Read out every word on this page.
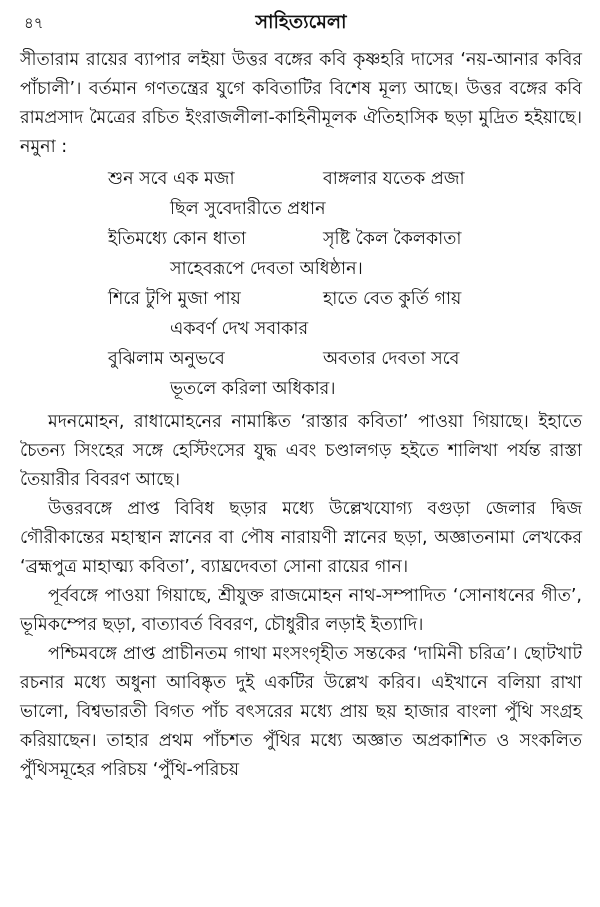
৪৭	সাহিত্যমেলা

সীতারাম রায়ের ব্যাপার লইয়া উত্তর বঙ্গের কবি কৃষ্ণহরি দাসের ‘নয়-আনার কবির পাঁচালী’। বর্তমান গণতন্ত্রের যুগে কবিতাটির বিশেষ মূল্য আছে। উত্তর বঙ্গের কবি রামপ্রসাদ মৈত্রের রচিত ইংরাজলীলা-কাহিনীমূলক ঐতিহাসিক ছড়া মুদ্রিত হইয়াছে। নমুনা :

শুন সবে এক মজা	বাঙ্গলার যতেক প্রজা
ছিল সুবেদারীতে প্রধান
ইতিমধ্যে কোন ধাতা	সৃষ্টি কৈল কৈলকাতা
সাহেবরূপে দেবতা অধিষ্ঠান।
শিরে টুপি মুজা পায়	হাতে বেত কুর্তি গায়
একবর্ণ দেখ সবাকার
বুঝিলাম অনুভবে	অবতার দেবতা সবে
ভূতলে করিলা অধিকার।

মদনমোহন, রাধামোহনের নামাঙ্কিত ‘রাস্তার কবিতা’ পাওয়া গিয়াছে। ইহাতে চৈতন্য সিংহের সঙ্গে হেস্টিংসের যুদ্ধ এবং চণ্ডালগড় হইতে শালিখা পর্যন্ত রাস্তা তৈয়ারীর বিবরণ আছে।

উত্তরবঙ্গে প্রাপ্ত বিবিধ ছড়ার মধ্যে উল্লেখযোগ্য বগুড়া জেলার দ্বিজ গৌরীকান্তের মহাস্থান স্নানের বা পৌষ নারায়ণী স্নানের ছড়া, অজ্ঞাতনামা লেখকের ‘ব্রহ্মপুত্র মাহাত্ম্য কবিতা’, ব্যাঘ্রদেবতা সোনা রায়ের গান।

পূর্ববঙ্গে পাওয়া গিয়াছে, শ্রীযুক্ত রাজমোহন নাথ-সম্পাদিত ‘সোনাধনের গীত’, ভূমিকম্পের ছড়া, বাত্যাবর্ত বিবরণ, চৌধুরীর লড়াই ইত্যাদি।

পশ্চিমবঙ্গে প্রাপ্ত প্রাচীনতম গাথা মংসংগৃহীত সন্তকের ‘দামিনী চরিত্র’। ছোটখাট রচনার মধ্যে অধুনা আবিষ্কৃত দুই একটির উল্লেখ করিব। এইখানে বলিয়া রাখা ভালো, বিশ্বভারতী বিগত পাঁচ বৎসরের মধ্যে প্রায় ছয় হাজার বাংলা পুঁথি সংগ্রহ করিয়াছেন। তাহার প্রথম পাঁচশত পুঁথির মধ্যে অজ্ঞাত অপ্রকাশিত ও সংকলিত পুঁথিসমূহের পরিচয় ‘পুঁথি-পরিচয়
